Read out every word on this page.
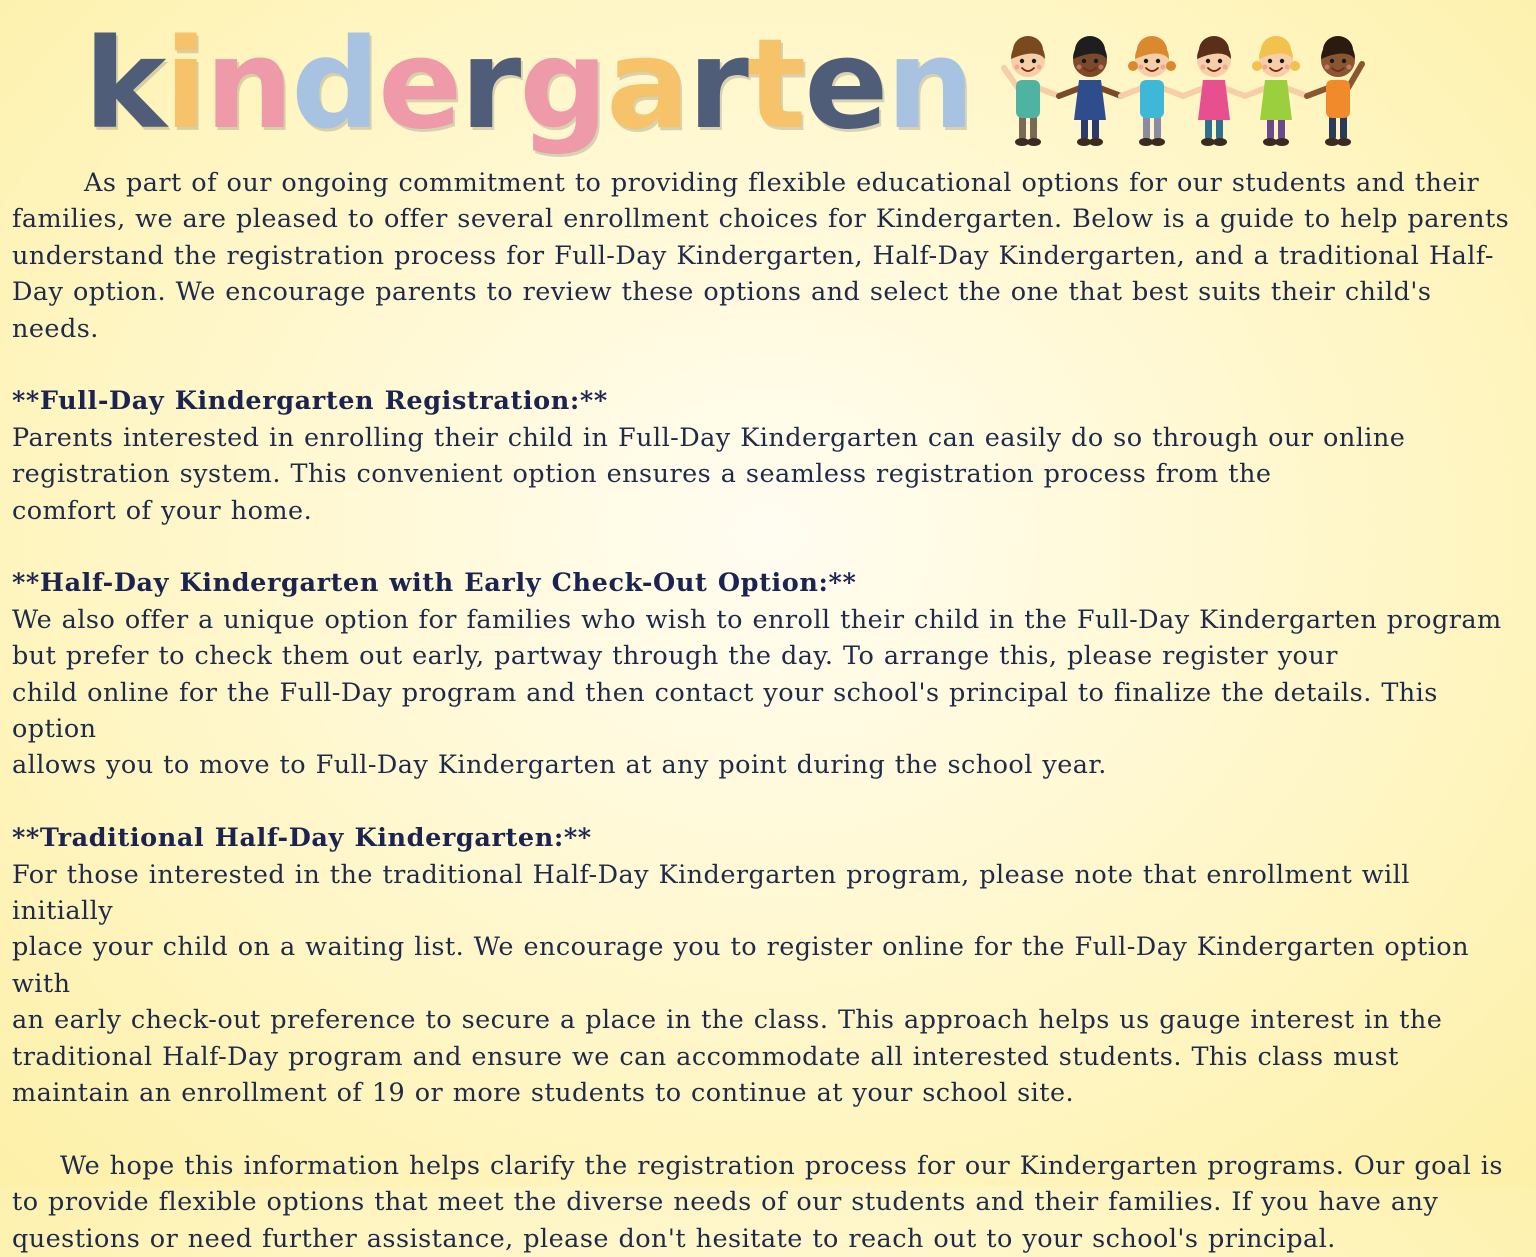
k i n d e r g a r t e n

As part of our ongoing commitment to providing flexible educational options for our students and their families, we are pleased to offer several enrollment choices for Kindergarten. Below is a guide to help parents understand the registration process for Full-Day Kindergarten, Half-Day Kindergarten, and a traditional Half-Day option. We encourage parents to review these options and select the one that best suits their child's needs.

**Full-Day Kindergarten Registration:**

Parents interested in enrolling their child in Full-Day Kindergarten can easily do so through our online

registration system. This convenient option ensures a seamless registration process from the

comfort of your home.

**Half-Day Kindergarten with Early Check-Out Option:**

We also offer a unique option for families who wish to enroll their child in the Full-Day Kindergarten program

but prefer to check them out early, partway through the day. To arrange this, please register your

child online for the Full-Day program and then contact your school's principal to finalize the details. This option

allows you to move to Full-Day Kindergarten at any point during the school year.

**Traditional Half-Day Kindergarten:**

For those interested in the traditional Half-Day Kindergarten program, please note that enrollment will initially

place your child on a waiting list. We encourage you to register online for the Full-Day Kindergarten option with

an early check-out preference to secure a place in the class. This approach helps us gauge interest in the

traditional Half-Day program and ensure we can accommodate all interested students. This class must

maintain an enrollment of 19 or more students to continue at your school site.

We hope this information helps clarify the registration process for our Kindergarten programs. Our goal is to provide flexible options that meet the diverse needs of our students and their families. If you have any questions or need further assistance, please don't hesitate to reach out to your school's principal.
